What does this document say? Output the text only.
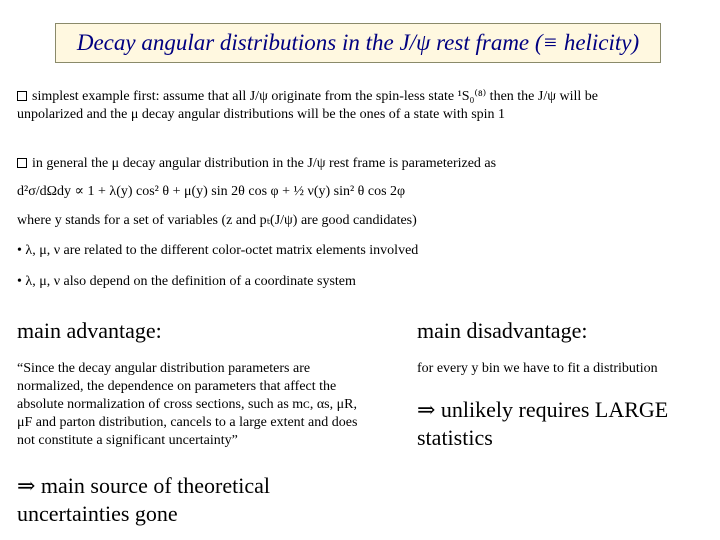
Decay angular distributions in the J/ψ rest frame (≡ helicity)
simplest example first: assume that all J/ψ originate from the spin-less state ¹S₀⁽⁸⁾ then the J/ψ will be unpolarized and the μ decay angular distributions will be the ones of a state with spin 1
in general the μ decay angular distribution in the J/ψ rest frame is parameterized as
d²σ/dΩdy ∝ 1 + λ(y) cos² θ + μ(y) sin 2θ cos φ + ½ ν(y) sin² θ cos 2φ
where y stands for a set of variables (z and pₜ(J/ψ) are good candidates)
• λ, μ, ν are related to the different color-octet matrix elements involved
• λ, μ, ν also depend on the definition of a coordinate system
main advantage:	main disadvantage:
“Since the decay angular distribution parameters are normalized, the dependence on parameters that affect the absolute normalization of cross sections, such as mᴄ, αs, μR, μF and parton distribution, cancels to a large extent and does not constitute a significant uncertainty”
for every y bin we have to fit a distribution
⇒ unlikely requires LARGE statistics
⇒ main source of theoretical uncertainties gone
